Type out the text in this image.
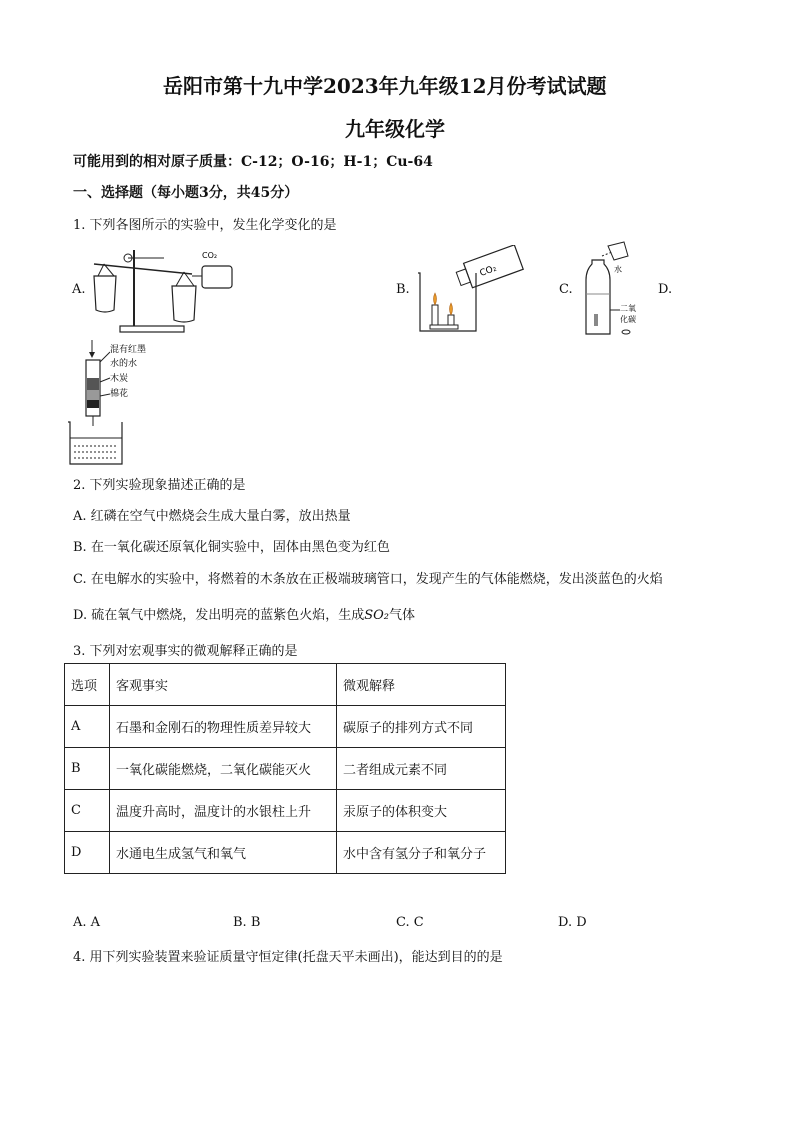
岳阳市第十九中学2023年九年级12月份考试试题
九年级化学
可能用到的相对原子质量：C-12；O-16；H-1；Cu-64
一、选择题（每小题3分，共45分）
1. 下列各图所示的实验中，发生化学变化的是
A.
CO₂
B.
CO₂
C.
水
二氧
化碳
D.
混有红墨
水的水
木炭
棉花
2. 下列实验现象描述正确的是
A. 红磷在空气中燃烧会生成大量白雾，放出热量
B. 在一氧化碳还原氧化铜实验中，固体由黑色变为红色
C. 在电解水的实验中，将燃着的木条放在正极端玻璃管口，发现产生的气体能燃烧，发出淡蓝色的火焰
D. 硫在氧气中燃烧，发出明亮的蓝紫色火焰，生成SO₂气体
3. 下列对宏观事实的微观解释正确的是
选项	客观事实	微观解释
A	石墨和金刚石的物理性质差异较大	碳原子的排列方式不同
B	一氧化碳能燃烧，二氧化碳能灭火	二者组成元素不同
C	温度升高时，温度计的水银柱上升	汞原子的体积变大
D	水通电生成氢气和氧气	水中含有氢分子和氧分子
A. A	B. B	C. C	D. D
4. 用下列实验装置来验证质量守恒定律(托盘天平未画出)，能达到目的的是
